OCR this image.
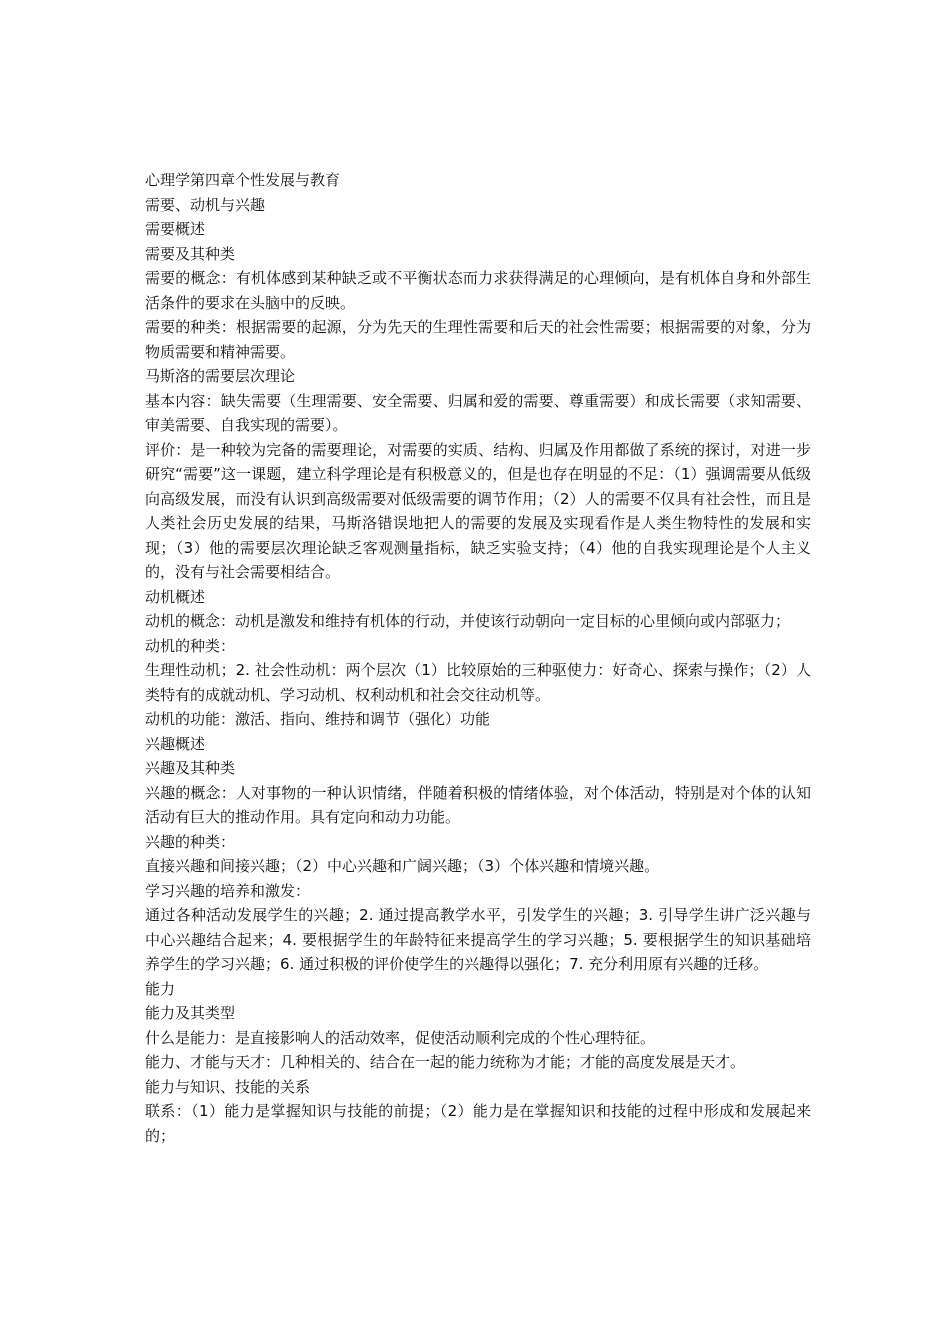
心理学第四章个性发展与教育

需要、动机与兴趣

需要概述

需要及其种类

需要的概念：有机体感到某种缺乏或不平衡状态而力求获得满足的心理倾向，是有机体自身和外部生活条件的要求在头脑中的反映。

需要的种类：根据需要的起源，分为先天的生理性需要和后天的社会性需要；根据需要的对象，分为物质需要和精神需要。

马斯洛的需要层次理论

基本内容：缺失需要（生理需要、安全需要、归属和爱的需要、尊重需要）和成长需要（求知需要、审美需要、自我实现的需要）。

评价：是一种较为完备的需要理论，对需要的实质、结构、归属及作用都做了系统的探讨，对进一步研究“需要”这一课题，建立科学理论是有积极意义的，但是也存在明显的不足：（1）强调需要从低级向高级发展，而没有认识到高级需要对低级需要的调节作用；（2）人的需要不仅具有社会性，而且是人类社会历史发展的结果，马斯洛错误地把人的需要的发展及实现看作是人类生物特性的发展和实现；（3）他的需要层次理论缺乏客观测量指标，缺乏实验支持；（4）他的自我实现理论是个人主义的，没有与社会需要相结合。

动机概述

动机的概念：动机是激发和维持有机体的行动，并使该行动朝向一定目标的心里倾向或内部驱力；

动机的种类：

生理性动机；2. 社会性动机：两个层次（1）比较原始的三种驱使力：好奇心、探索与操作；（2）人类特有的成就动机、学习动机、权利动机和社会交往动机等。

动机的功能：激活、指向、维持和调节（强化）功能

兴趣概述

兴趣及其种类

兴趣的概念：人对事物的一种认识情绪，伴随着积极的情绪体验，对个体活动，特别是对个体的认知活动有巨大的推动作用。具有定向和动力功能。

兴趣的种类：

直接兴趣和间接兴趣；（2）中心兴趣和广阔兴趣；（3）个体兴趣和情境兴趣。

学习兴趣的培养和激发：

通过各种活动发展学生的兴趣；2. 通过提高教学水平，引发学生的兴趣；3. 引导学生讲广泛兴趣与中心兴趣结合起来；4. 要根据学生的年龄特征来提高学生的学习兴趣；5. 要根据学生的知识基础培养学生的学习兴趣；6. 通过积极的评价使学生的兴趣得以强化；7. 充分利用原有兴趣的迁移。

能力

能力及其类型

什么是能力：是直接影响人的活动效率，促使活动顺利完成的个性心理特征。

能力、才能与天才：几种相关的、结合在一起的能力统称为才能；才能的高度发展是天才。

能力与知识、技能的关系

联系：（1）能力是掌握知识与技能的前提；（2）能力是在掌握知识和技能的过程中形成和发展起来的；
